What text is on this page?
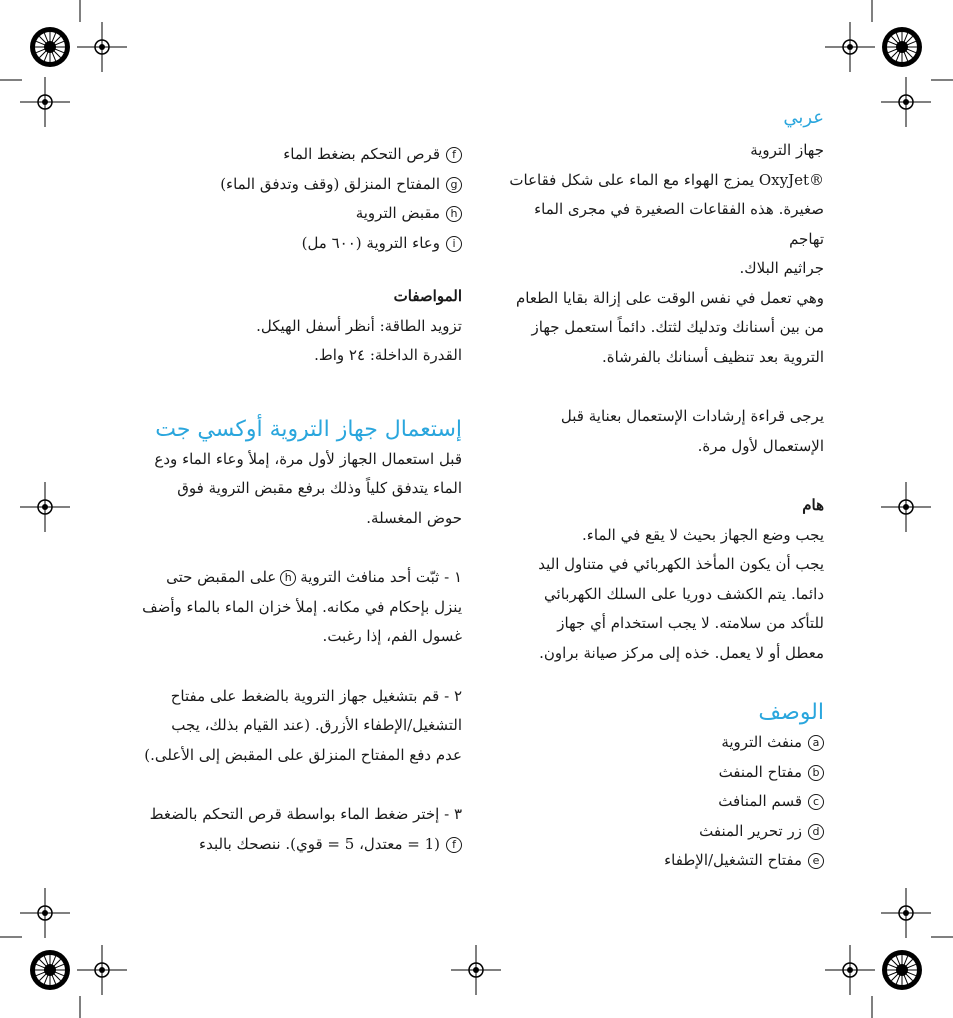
عربي
جهاز التروية
®OxyJet يمزج الهواء مع الماء على شكل فقاعات
صغيرة. هذه الفقاعات الصغيرة في مجرى الماء تهاجم
جراثيم البلاك.
وهي تعمل في نفس الوقت على إزالة بقايا الطعام
من بين أسنانك وتدليك لثتك. دائماً استعمل جهاز
التروية بعد تنظيف أسنانك بالفرشاة.
يرجى قراءة إرشادات الإستعمال بعناية قبل
الإستعمال لأول مرة.
هام
يجب وضع الجهاز بحيث لا يقع في الماء.
يجب أن يكون المأخذ الكهربائي في متناول اليد
دائما. يتم الكشف دوريا على السلك الكهربائي
للتأكد من سلامته. لا يجب استخدام أي جهاز
معطل أو لا يعمل. خذه إلى مركز صيانة براون.
الوصف
aمنفث التروية
bمفتاح المنفث
cقسم المنافث
dزر تحرير المنفث
eمفتاح التشغيل/الإطفاء
fقرص التحكم بضغط الماء
gالمفتاح المنزلق (وقف وتدفق الماء)
hمقبض التروية
iوعاء التروية (٦٠٠ مل)
المواصفات
تزويد الطاقة: أنظر أسفل الهيكل.
القدرة الداخلة: ٢٤ واط.
إستعمال جهاز التروية أوكسي جت
قبل استعمال الجهاز لأول مرة، إملأ وعاء الماء ودع
الماء يتدفق كلياً وذلك برفع مقبض التروية فوق
حوض المغسلة.
١ - ثبّت أحد منافث الترويةhعلى المقبض حتى
ينزل بإحكام في مكانه. إملأ خزان الماء بالماء وأضف
غسول الفم، إذا رغبت.
٢ - قم بتشغيل جهاز التروية بالضغط على مفتاح
التشغيل/الإطفاء الأزرق. (عند القيام بذلك، يجب
عدم دفع المفتاح المنزلق على المقبض إلى الأعلى.)
٣ - إختر ضغط الماء بواسطة قرص التحكم بالضغط
f(1 = معتدل، 5 = قوي). ننصحك بالبدء
